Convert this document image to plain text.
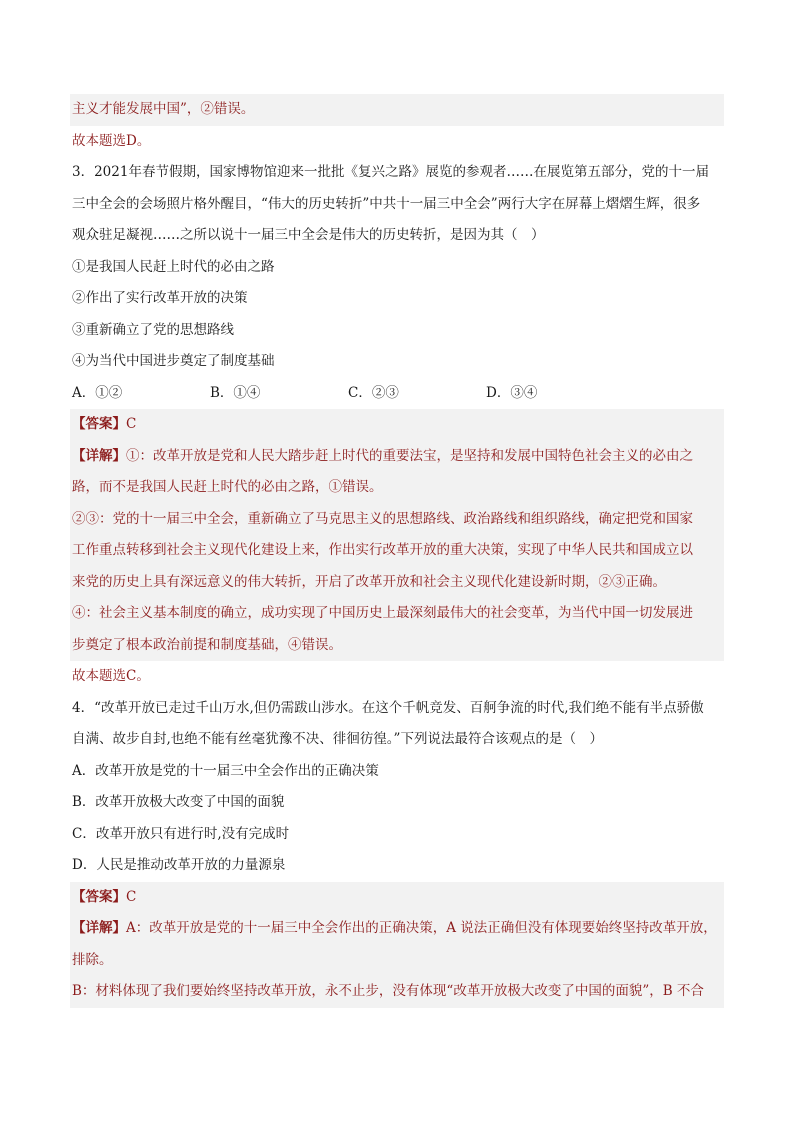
主义才能发展中国”，②错误。
故本题选D。
3．2021年春节假期，国家博物馆迎来一批批《复兴之路》展览的参观者……在展览第五部分，党的十一届
三中全会的会场照片格外醒目，“伟大的历史转折”中共十一届三中全会”两行大字在屏幕上熠熠生辉，很多
观众驻足凝视……之所以说十一届三中全会是伟大的历史转折，是因为其（　）
①是我国人民赶上时代的必由之路
②作出了实行改革开放的决策
③重新确立了党的思想路线
④为当代中国进步奠定了制度基础
A．①②	B．①④	C．②③	D．③④
【答案】C
【详解】①：改革开放是党和人民大踏步赶上时代的重要法宝，是坚持和发展中国特色社会主义的必由之
路，而不是我国人民赶上时代的必由之路，①错误。
②③：党的十一届三中全会，重新确立了马克思主义的思想路线、政治路线和组织路线，确定把党和国家
工作重点转移到社会主义现代化建设上来，作出实行改革开放的重大决策，实现了中华人民共和国成立以
来党的历史上具有深远意义的伟大转折，开启了改革开放和社会主义现代化建设新时期，②③正确。
④：社会主义基本制度的确立，成功实现了中国历史上最深刻最伟大的社会变革，为当代中国一切发展进
步奠定了根本政治前提和制度基础，④错误。
故本题选C。
4．“改革开放已走过千山万水,但仍需跋山涉水。在这个千帆竞发、百舸争流的时代,我们绝不能有半点骄傲
自满、故步自封,也绝不能有丝毫犹豫不决、徘徊彷徨。”下列说法最符合该观点的是（　）
A．改革开放是党的十一届三中全会作出的正确决策
B．改革开放极大改变了中国的面貌
C．改革开放只有进行时,没有完成时
D．人民是推动改革开放的力量源泉
【答案】C
【详解】A：改革开放是党的十一届三中全会作出的正确决策，A 说法正确但没有体现要始终坚持改革开放，
排除。
B：材料体现了我们要始终坚持改革开放，永不止步，没有体现“改革开放极大改变了中国的面貌”，B 不合
